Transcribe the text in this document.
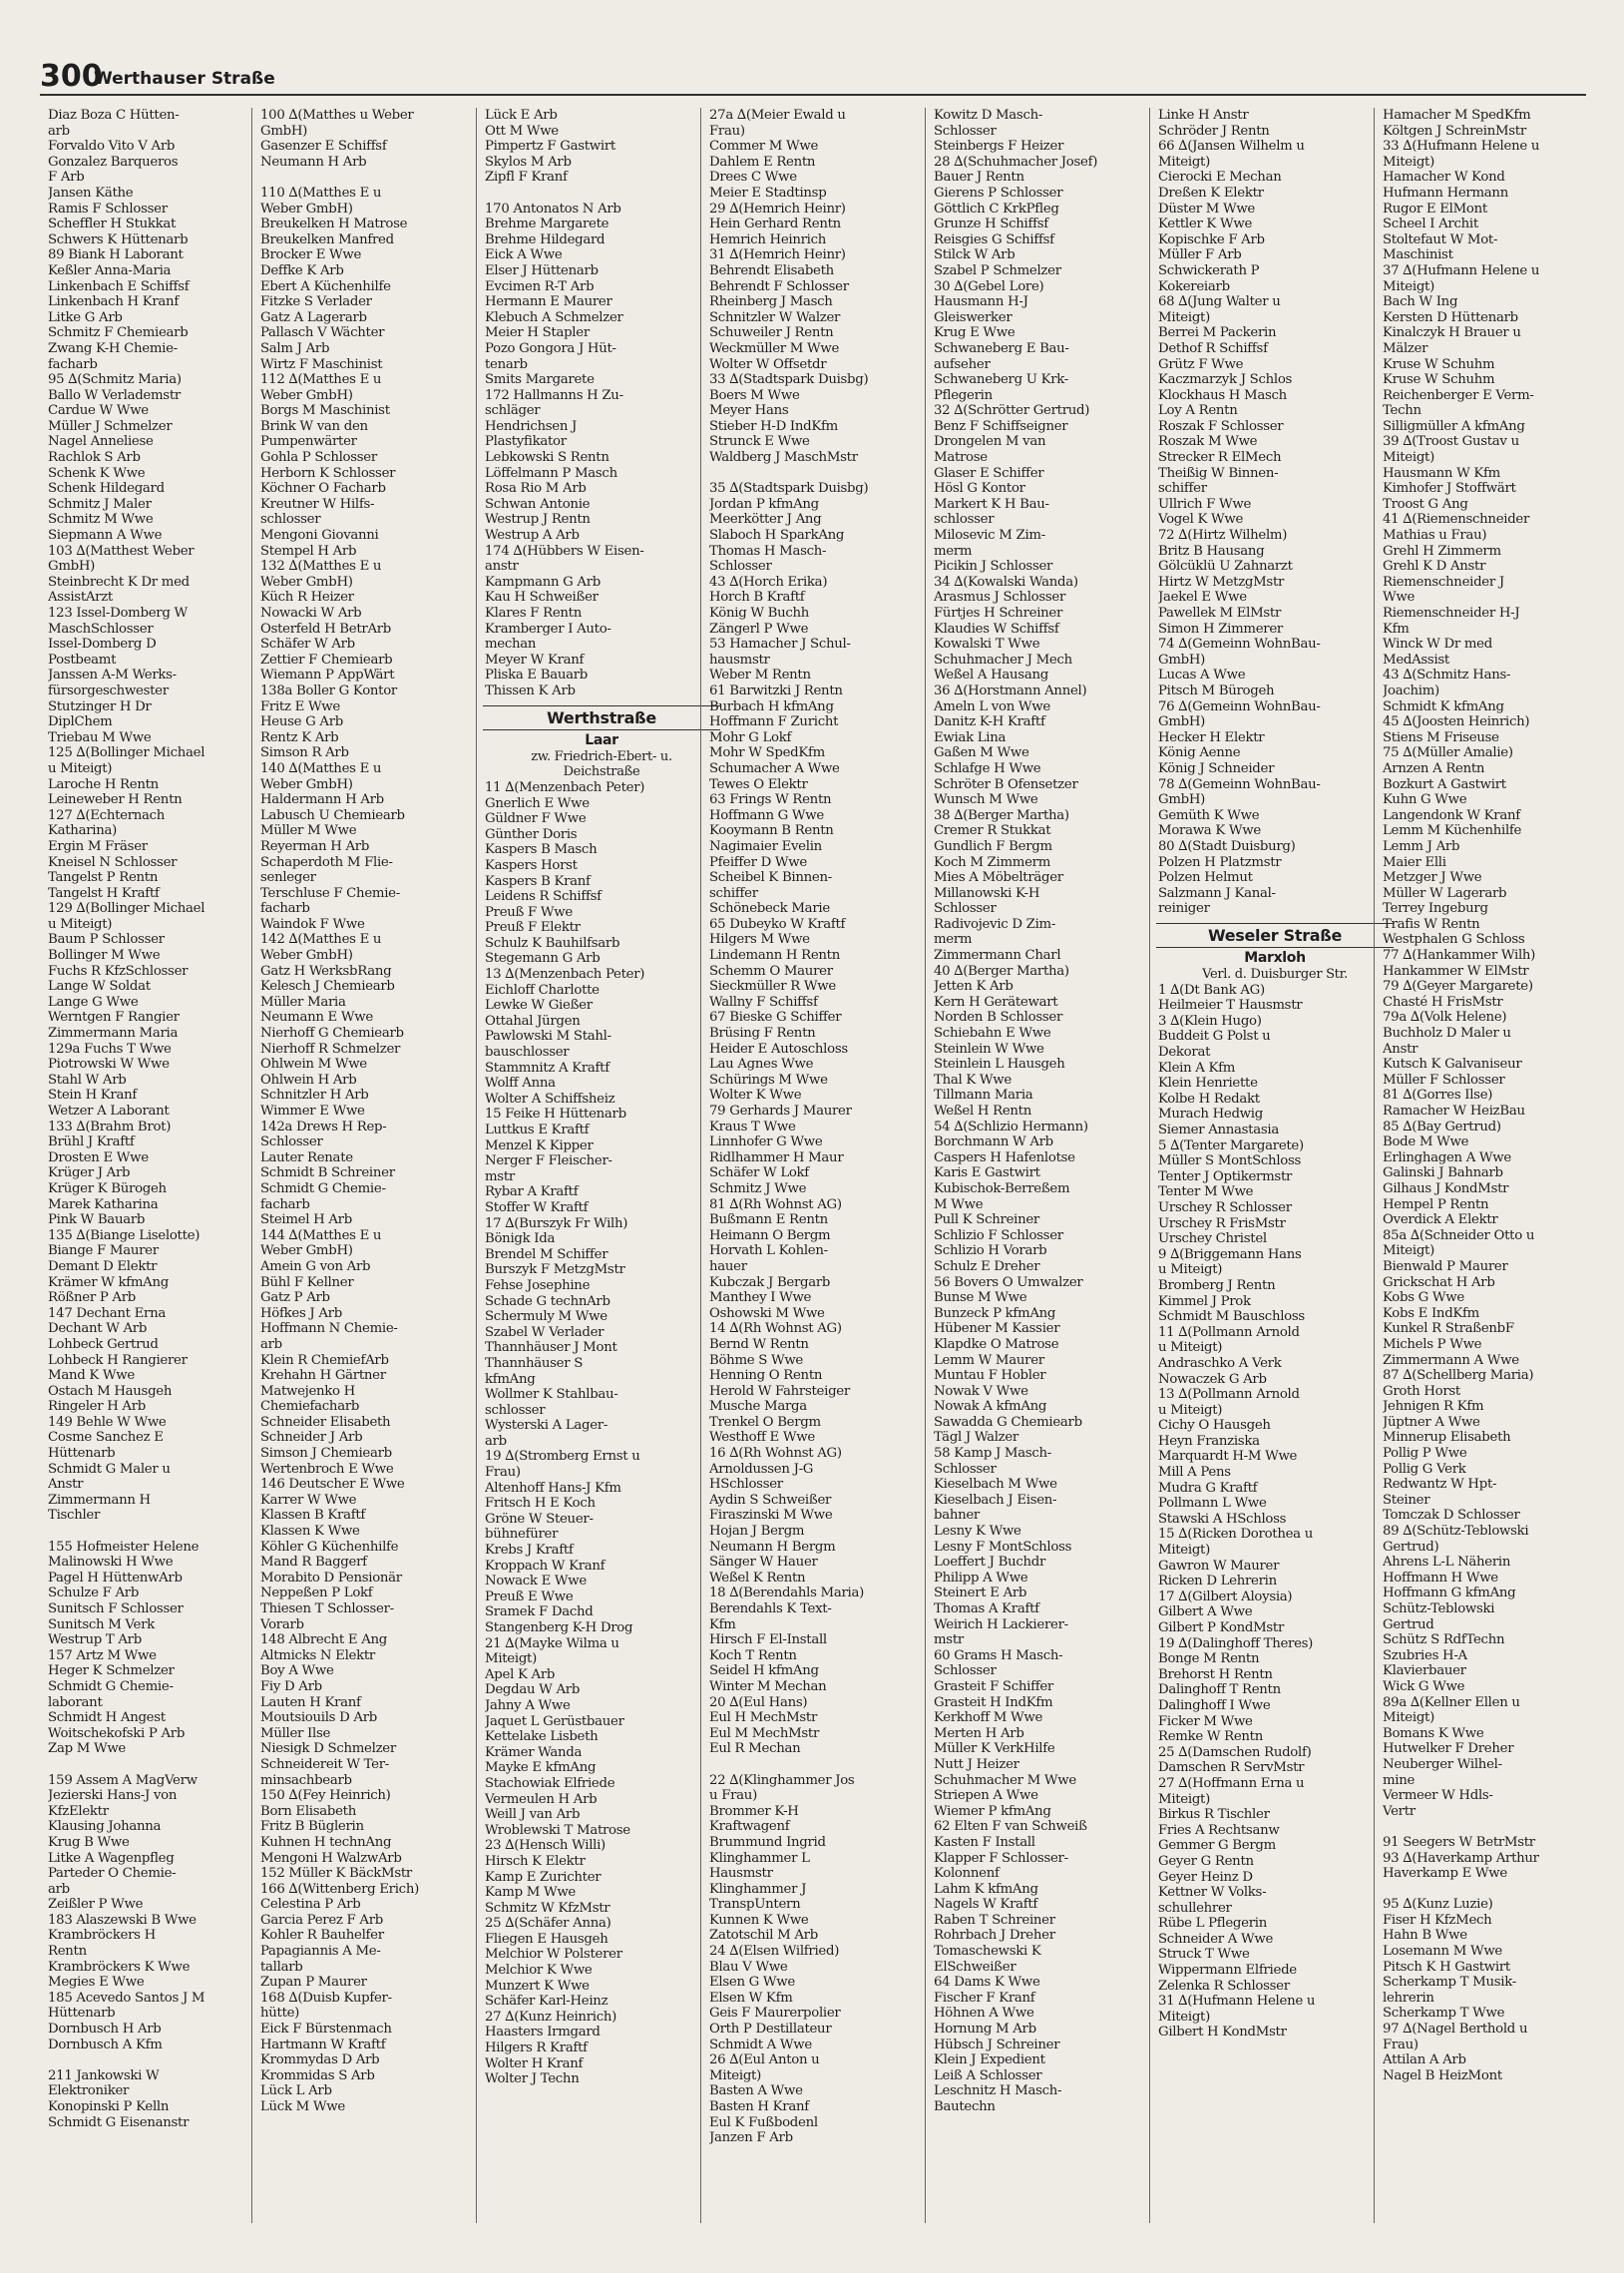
300
Werthauser Straße
Diaz Boza C Hütten-
arb
Forvaldo Vito V Arb
Gonzalez Barqueros
F Arb
Jansen Käthe
Ramis F Schlosser
Scheffler H Stukkat
Schwers K Hüttenarb
89 Biank H Laborant
Keßler Anna-Maria
Linkenbach E Schiffsf
Linkenbach H Kranf
Litke G Arb
Schmitz F Chemiearb
Zwang K-H Chemie-
facharb
95 ∆(Schmitz Maria)
Ballo W Verlademstr
Cardue W Wwe
Müller J Schmelzer
Nagel Anneliese
Rachlok S Arb
Schenk K Wwe
Schenk Hildegard
Schmitz J Maler
Schmitz M Wwe
Siepmann A Wwe
103 ∆(Matthest Weber
GmbH)
Steinbrecht K Dr med
AssistArzt
123 Issel-Domberg W
MaschSchlosser
Issel-Domberg D
Postbeamt
Janssen A-M Werks-
fürsorgeschwester
Stutzinger H Dr
DiplChem
Triebau M Wwe
125 ∆(Bollinger Michael
u Miteigt)
Laroche H Rentn
Leineweber H Rentn
127 ∆(Echternach
Katharina)
Ergin M Fräser
Kneisel N Schlosser
Tangelst P Rentn
Tangelst H Kraftf
129 ∆(Bollinger Michael
u Miteigt)
Baum P Schlosser
Bollinger M Wwe
Fuchs R KfzSchlosser
Lange W Soldat
Lange G Wwe
Werntgen F Rangier
Zimmermann Maria
129a Fuchs T Wwe
Piotrowski W Wwe
Stahl W Arb
Stein H Kranf
Wetzer A Laborant
133 ∆(Brahm Brot)
Brühl J Kraftf
Drosten E Wwe
Krüger J Arb
Krüger K Bürogeh
Marek Katharina
Pink W Bauarb
135 ∆(Biange Liselotte)
Biange F Maurer
Demant D Elektr
Krämer W kfmAng
Rößner P Arb
147 Dechant Erna
Dechant W Arb
Lohbeck Gertrud
Lohbeck H Rangierer
Mand K Wwe
Ostach M Hausgeh
Ringeler H Arb
149 Behle W Wwe
Cosme Sanchez E
Hüttenarb
Schmidt G Maler u
Anstr
Zimmermann H
Tischler

155 Hofmeister Helene
Malinowski H Wwe
Pagel H HüttenwArb
Schulze F Arb
Sunitsch F Schlosser
Sunitsch M Verk
Westrup T Arb
157 Artz M Wwe
Heger K Schmelzer
Schmidt G Chemie-
laborant
Schmidt H Angest
Woitschekofski P Arb
Zap M Wwe

159 Assem A MagVerw
Jezierski Hans-J von
KfzElektr
Klausing Johanna
Krug B Wwe
Litke A Wagenpfleg
Parteder O Chemie-
arb
Zeißler P Wwe
183 Alaszewski B Wwe
Krambröckers H
Rentn
Krambröckers K Wwe
Megies E Wwe
185 Acevedo Santos J M
Hüttenarb
Dornbusch H Arb
Dornbusch A Kfm

211 Jankowski W
Elektroniker
Konopinski P Kelln
Schmidt G Eisenanstr
100 ∆(Matthes u Weber
GmbH)
Gasenzer E Schiffsf
Neumann H Arb

110 ∆(Matthes E u
Weber GmbH)
Breukelken H Matrose
Breukelken Manfred
Brocker E Wwe
Deffke K Arb
Ebert A Küchenhilfe
Fitzke S Verlader
Gatz A Lagerarb
Pallasch V Wächter
Salm J Arb
Wirtz F Maschinist
112 ∆(Matthes E u
Weber GmbH)
Borgs M Maschinist
Brink W van den
Pumpenwärter
Gohla P Schlosser
Herborn K Schlosser
Köchner O Facharb
Kreutner W Hilfs-
schlosser
Mengoni Giovanni
Stempel H Arb
132 ∆(Matthes E u
Weber GmbH)
Küch R Heizer
Nowacki W Arb
Osterfeld H BetrArb
Schäfer W Arb
Zettier F Chemiearb
Wiemann P AppWärt
138a Boller G Kontor
Fritz E Wwe
Heuse G Arb
Rentz K Arb
Simson R Arb
140 ∆(Matthes E u
Weber GmbH)
Haldermann H Arb
Labusch U Chemiearb
Müller M Wwe
Reyerman H Arb
Schaperdoth M Flie-
senleger
Terschluse F Chemie-
facharb
Waindok F Wwe
142 ∆(Matthes E u
Weber GmbH)
Gatz H WerksbRang
Kelesch J Chemiearb
Müller Maria
Neumann E Wwe
Nierhoff G Chemiearb
Nierhoff R Schmelzer
Ohlwein M Wwe
Ohlwein H Arb
Schnitzler H Arb
Wimmer E Wwe
142a Drews H Rep-
Schlosser
Lauter Renate
Schmidt B Schreiner
Schmidt G Chemie-
facharb
Steimel H Arb
144 ∆(Matthes E u
Weber GmbH)
Amein G von Arb
Bühl F Kellner
Gatz P Arb
Höfkes J Arb
Hoffmann N Chemie-
arb
Klein R ChemiefArb
Krehahn H Gärtner
Matwejenko H
Chemiefacharb
Schneider Elisabeth
Schneider J Arb
Simson J Chemiearb
Wertenbroch E Wwe
146 Deutscher E Wwe
Karrer W Wwe
Klassen B Kraftf
Klassen K Wwe
Köhler G Küchenhilfe
Mand R Baggerf
Morabito D Pensionär
Neppeßen P Lokf
Thiesen T Schlosser-
Vorarb
148 Albrecht E Ang
Altmicks N Elektr
Boy A Wwe
Fiy D Arb
Lauten H Kranf
Moutsiouils D Arb
Müller Ilse
Niesigk D Schmelzer
Schneidereit W Ter-
minsachbearb
150 ∆(Fey Heinrich)
Born Elisabeth
Fritz B Büglerin
Kuhnen H technAng
Mengoni H WalzwArb
152 Müller K BäckMstr
166 ∆(Wittenberg Erich)
Celestina P Arb
Garcia Perez F Arb
Kohler R Bauhelfer
Papagiannis A Me-
tallarb
Zupan P Maurer
168 ∆(Duisb Kupfer-
hütte)
Eick F Bürstenmach
Hartmann W Kraftf
Krommydas D Arb
Krommidas S Arb
Lück L Arb
Lück M Wwe
Lück E Arb
Ott M Wwe
Pimpertz F Gastwirt
Skylos M Arb
Zipfl F Kranf

170 Antonatos N Arb
Brehme Margarete
Brehme Hildegard
Eick A Wwe
Elser J Hüttenarb
Evcimen R-T Arb
Hermann E Maurer
Klebuch A Schmelzer
Meier H Stapler
Pozo Gongora J Hüt-
tenarb
Smits Margarete
172 Hallmanns H Zu-
schläger
Hendrichsen J
Plastyfikator
Lebkowski S Rentn
Löffelmann P Masch
Rosa Rio M Arb
Schwan Antonie
Westrup J Rentn
Westrup A Arb
174 ∆(Hübbers W Eisen-
anstr
Kampmann G Arb
Kau H Schweißer
Klares F Rentn
Kramberger I Auto-
mechan
Meyer W Kranf
Pliska E Bauarb
Thissen K Arb
Werthstraße
Laar
zw. Friedrich-Ebert- u.
Deichstraße
11 ∆(Menzenbach Peter)
Gnerlich E Wwe
Güldner F Wwe
Günther Doris
Kaspers B Masch
Kaspers Horst
Kaspers B Kranf
Leidens R Schiffsf
Preuß F Wwe
Preuß F Elektr
Schulz K Bauhilfsarb
Stegemann G Arb
13 ∆(Menzenbach Peter)
Eichloff Charlotte
Lewke W Gießer
Ottahal Jürgen
Pawlowski M Stahl-
bauschlosser
Stammnitz A Kraftf
Wolff Anna
Wolter A Schiffsheiz
15 Feike H Hüttenarb
Luttkus E Kraftf
Menzel K Kipper
Nerger F Fleischer-
mstr
Rybar A Kraftf
Stoffer W Kraftf
17 ∆(Burszyk Fr Wilh)
Bönigk Ida
Brendel M Schiffer
Burszyk F MetzgMstr
Fehse Josephine
Schade G technArb
Schermuly M Wwe
Szabel W Verlader
Thannhäuser J Mont
Thannhäuser S
kfmAng
Wollmer K Stahlbau-
schlosser
Wysterski A Lager-
arb
19 ∆(Stromberg Ernst u
Frau)
Altenhoff Hans-J Kfm
Fritsch H E Koch
Gröne W Steuer-
bühnefürer
Krebs J Kraftf
Kroppach W Kranf
Nowack E Wwe
Preuß E Wwe
Sramek F Dachd
Stangenberg K-H Drog
21 ∆(Mayke Wilma u
Miteigt)
Apel K Arb
Degdau W Arb
Jahny A Wwe
Jaquet L Gerüstbauer
Kettelake Lisbeth
Krämer Wanda
Mayke E kfmAng
Stachowiak Elfriede
Vermeulen H Arb
Weill J van Arb
Wroblewski T Matrose
23 ∆(Hensch Willi)
Hirsch K Elektr
Kamp E Zurichter
Kamp M Wwe
Schmitz W KfzMstr
25 ∆(Schäfer Anna)
Fliegen E Hausgeh
Melchior W Polsterer
Melchior K Wwe
Munzert K Wwe
Schäfer Karl-Heinz
27 ∆(Kunz Heinrich)
Haasters Irmgard
Hilgers R Kraftf
Wolter H Kranf
Wolter J Techn
27a ∆(Meier Ewald u
Frau)
Commer M Wwe
Dahlem E Rentn
Drees C Wwe
Meier E Stadtinsp
29 ∆(Hemrich Heinr)
Hein Gerhard Rentn
Hemrich Heinrich
31 ∆(Hemrich Heinr)
Behrendt Elisabeth
Behrendt F Schlosser
Rheinberg J Masch
Schnitzler W Walzer
Schuweiler J Rentn
Weckmüller M Wwe
Wolter W Offsetdr
33 ∆(Stadtspark Duisbg)
Boers M Wwe
Meyer Hans
Stieber H-D IndKfm
Strunck E Wwe
Waldberg J MaschMstr

35 ∆(Stadtspark Duisbg)
Jordan P kfmAng
Meerkötter J Ang
Slaboch H SparkAng
Thomas H Masch-
Schlosser
43 ∆(Horch Erika)
Horch B Kraftf
König W Buchh
Zängerl P Wwe
53 Hamacher J Schul-
hausmstr
Weber M Rentn
61 Barwitzki J Rentn
Burbach H kfmAng
Hoffmann F Zuricht
Mohr G Lokf
Mohr W SpedKfm
Schumacher A Wwe
Tewes O Elektr
63 Frings W Rentn
Hoffmann G Wwe
Kooymann B Rentn
Nagimaier Evelin
Pfeiffer D Wwe
Scheibel K Binnen-
schiffer
Schönebeck Marie
65 Dubeyko W Kraftf
Hilgers M Wwe
Lindemann H Rentn
Schemm O Maurer
Sieckmüller R Wwe
Wallny F Schiffsf
67 Bieske G Schiffer
Brüsing F Rentn
Heider E Autoschloss
Lau Agnes Wwe
Schürings M Wwe
Wolter K Wwe
79 Gerhards J Maurer
Kraus T Wwe
Linnhofer G Wwe
Ridlhammer H Maur
Schäfer W Lokf
Schmitz J Wwe
81 ∆(Rh Wohnst AG)
Bußmann E Rentn
Heimann O Bergm
Horvath L Kohlen-
hauer
Kubczak J Bergarb
Manthey I Wwe
Oshowski M Wwe
14 ∆(Rh Wohnst AG)
Bernd W Rentn
Böhme S Wwe
Henning O Rentn
Herold W Fahrsteiger
Musche Marga
Trenkel O Bergm
Westhoff E Wwe
16 ∆(Rh Wohnst AG)
Arnoldussen J-G
HSchlosser
Aydin S Schweißer
Firaszinski M Wwe
Hojan J Bergm
Neumann H Bergm
Sänger W Hauer
Weßel K Rentn
18 ∆(Berendahls Maria)
Berendahls K Text-
Kfm
Hirsch F El-Install
Koch T Rentn
Seidel H kfmAng
Winter M Mechan
20 ∆(Eul Hans)
Eul H MechMstr
Eul M MechMstr
Eul R Mechan

22 ∆(Klinghammer Jos
u Frau)
Brommer K-H
Kraftwagenf
Brummund Ingrid
Klinghammer L
Hausmstr
Klinghammer J
TranspUntern
Kunnen K Wwe
Zatotschil M Arb
24 ∆(Elsen Wilfried)
Blau V Wwe
Elsen G Wwe
Elsen W Kfm
Geis F Maurerpolier
Orth P Destillateur
Schmidt A Wwe
26 ∆(Eul Anton u
Miteigt)
Basten A Wwe
Basten H Kranf
Eul K Fußbodenl
Janzen F Arb
Kowitz D Masch-
Schlosser
Steinbergs F Heizer
28 ∆(Schuhmacher Josef)
Bauer J Rentn
Gierens P Schlosser
Göttlich C KrkPfleg
Grunze H Schiffsf
Reisgies G Schiffsf
Stilck W Arb
Szabel P Schmelzer
30 ∆(Gebel Lore)
Hausmann H-J
Gleiswerker
Krug E Wwe
Schwaneberg E Bau-
aufseher
Schwaneberg U Krk-
Pflegerin
32 ∆(Schrötter Gertrud)
Benz F Schiffseigner
Drongelen M van
Matrose
Glaser E Schiffer
Hösl G Kontor
Markert K H Bau-
schlosser
Milosevic M Zim-
merm
Picikin J Schlosser
34 ∆(Kowalski Wanda)
Arasmus J Schlosser
Fürtjes H Schreiner
Klaudies W Schiffsf
Kowalski T Wwe
Schuhmacher J Mech
Weßel A Hausang
36 ∆(Horstmann Annel)
Ameln L von Wwe
Danitz K-H Kraftf
Ewiak Lina
Gaßen M Wwe
Schlafge H Wwe
Schröter B Ofensetzer
Wunsch M Wwe
38 ∆(Berger Martha)
Cremer R Stukkat
Gundlich F Bergm
Koch M Zimmerm
Mies A Möbelträger
Millanowski K-H
Schlosser
Radivojevic D Zim-
merm
Zimmermann Charl
40 ∆(Berger Martha)
Jetten K Arb
Kern H Gerätewart
Norden B Schlosser
Schiebahn E Wwe
Steinlein W Wwe
Steinlein L Hausgeh
Thal K Wwe
Tillmann Maria
Weßel H Rentn
54 ∆(Schlizio Hermann)
Borchmann W Arb
Caspers H Hafenlotse
Karis E Gastwirt
Kubischok-Berreßem
M Wwe
Pull K Schreiner
Schlizio F Schlosser
Schlizio H Vorarb
Schulz E Dreher
56 Bovers O Umwalzer
Bunse M Wwe
Bunzeck P kfmAng
Hübener M Kassier
Klapdke O Matrose
Lemm W Maurer
Muntau F Hobler
Nowak V Wwe
Nowak A kfmAng
Sawadda G Chemiearb
Tägl J Walzer
58 Kamp J Masch-
Schlosser
Kieselbach M Wwe
Kieselbach J Eisen-
bahner
Lesny K Wwe
Lesny F MontSchloss
Loeffert J Buchdr
Philipp A Wwe
Steinert E Arb
Thomas A Kraftf
Weirich H Lackierer-
mstr
60 Grams H Masch-
Schlosser
Grasteit F Schiffer
Grasteit H IndKfm
Kerkhoff M Wwe
Merten H Arb
Müller K VerkHilfe
Nutt J Heizer
Schuhmacher M Wwe
Striepen A Wwe
Wiemer P kfmAng
62 Elten F van Schweiß
Kasten F Install
Klapper F Schlosser-
Kolonnenf
Lahm K kfmAng
Nagels W Kraftf
Raben T Schreiner
Rohrbach J Dreher
Tomaschewski K
ElSchweißer
64 Dams K Wwe
Fischer F Kranf
Höhnen A Wwe
Hornung M Arb
Hübsch J Schreiner
Klein J Expedient
Leiß A Schlosser
Leschnitz H Masch-
Bautechn
Linke H Anstr
Schröder J Rentn
66 ∆(Jansen Wilhelm u
Miteigt)
Cierocki E Mechan
Dreßen K Elektr
Düster M Wwe
Kettler K Wwe
Kopischke F Arb
Müller F Arb
Schwickerath P
Kokereiarb
68 ∆(Jung Walter u
Miteigt)
Berrei M Packerin
Dethof R Schiffsf
Grütz F Wwe
Kaczmarzyk J Schlos
Klockhaus H Masch
Loy A Rentn
Roszak F Schlosser
Roszak M Wwe
Strecker R ElMech
Theißig W Binnen-
schiffer
Ullrich F Wwe
Vogel K Wwe
72 ∆(Hirtz Wilhelm)
Britz B Hausang
Gölcüklü U Zahnarzt
Hirtz W MetzgMstr
Jaekel E Wwe
Pawellek M ElMstr
Simon H Zimmerer
74 ∆(Gemeinn WohnBau-
GmbH)
Lucas A Wwe
Pitsch M Bürogeh
76 ∆(Gemeinn WohnBau-
GmbH)
Hecker H Elektr
König Aenne
König J Schneider
78 ∆(Gemeinn WohnBau-
GmbH)
Gemüth K Wwe
Morawa K Wwe
80 ∆(Stadt Duisburg)
Polzen H Platzmstr
Polzen Helmut
Salzmann J Kanal-
reiniger
Weseler Straße
Marxloh
Verl. d. Duisburger Str.
1 ∆(Dt Bank AG)
Heilmeier T Hausmstr
3 ∆(Klein Hugo)
Buddeit G Polst u
Dekorat
Klein A Kfm
Klein Henriette
Kolbe H Redakt
Murach Hedwig
Siemer Annastasia
5 ∆(Tenter Margarete)
Müller S MontSchloss
Tenter J Optikermstr
Tenter M Wwe
Urschey R Schlosser
Urschey R FrisMstr
Urschey Christel
9 ∆(Briggemann Hans
u Miteigt)
Bromberg J Rentn
Kimmel J Prok
Schmidt M Bauschloss
11 ∆(Pollmann Arnold
u Miteigt)
Andraschko A Verk
Nowaczek G Arb
13 ∆(Pollmann Arnold
u Miteigt)
Cichy O Hausgeh
Heyn Franziska
Marquardt H-M Wwe
Mill A Pens
Mudra G Kraftf
Pollmann L Wwe
Stawski A HSchloss
15 ∆(Ricken Dorothea u
Miteigt)
Gawron W Maurer
Ricken D Lehrerin
17 ∆(Gilbert Aloysia)
Gilbert A Wwe
Gilbert P KondMstr
19 ∆(Dalinghoff Theres)
Bonge M Rentn
Brehorst H Rentn
Dalinghoff T Rentn
Dalinghoff I Wwe
Ficker M Wwe
Remke W Rentn
25 ∆(Damschen Rudolf)
Damschen R ServMstr
27 ∆(Hoffmann Erna u
Miteigt)
Birkus R Tischler
Fries A Rechtsanw
Gemmer G Bergm
Geyer G Rentn
Geyer Heinz D
Kettner W Volks-
schullehrer
Rübe L Pflegerin
Schneider A Wwe
Struck T Wwe
Wippermann Elfriede
Zelenka R Schlosser
31 ∆(Hufmann Helene u
Miteigt)
Gilbert H KondMstr
Hamacher M SpedKfm
Költgen J SchreinMstr
33 ∆(Hufmann Helene u
Miteigt)
Hamacher W Kond
Hufmann Hermann
Rugor E ElMont
Scheel I Archit
Stoltefaut W Mot-
Maschinist
37 ∆(Hufmann Helene u
Miteigt)
Bach W Ing
Kersten D Hüttenarb
Kinalczyk H Brauer u
Mälzer
Kruse W Schuhm
Kruse W Schuhm
Reichenberger E Verm-
Techn
Silligmüller A kfmAng
39 ∆(Troost Gustav u
Miteigt)
Hausmann W Kfm
Kimhofer J Stoffwärt
Troost G Ang
41 ∆(Riemenschneider
Mathias u Frau)
Grehl H Zimmerm
Grehl K D Anstr
Riemenschneider J
Wwe
Riemenschneider H-J
Kfm
Winck W Dr med
MedAssist
43 ∆(Schmitz Hans-
Joachim)
Schmidt K kfmAng
45 ∆(Joosten Heinrich)
Stiens M Friseuse
75 ∆(Müller Amalie)
Arnzen A Rentn
Bozkurt A Gastwirt
Kuhn G Wwe
Langendonk W Kranf
Lemm M Küchenhilfe
Lemm J Arb
Maier Elli
Metzger J Wwe
Müller W Lagerarb
Terrey Ingeburg
Trafis W Rentn
Westphalen G Schloss
77 ∆(Hankammer Wilh)
Hankammer W ElMstr
79 ∆(Geyer Margarete)
Chasté H FrisMstr
79a ∆(Volk Helene)
Buchholz D Maler u
Anstr
Kutsch K Galvaniseur
Müller F Schlosser
81 ∆(Gorres Ilse)
Ramacher W HeizBau
85 ∆(Bay Gertrud)
Bode M Wwe
Erlinghagen A Wwe
Galinski J Bahnarb
Gilhaus J KondMstr
Hempel P Rentn
Overdick A Elektr
85a ∆(Schneider Otto u
Miteigt)
Bienwald P Maurer
Grickschat H Arb
Kobs G Wwe
Kobs E IndKfm
Kunkel R StraßenbF
Michels P Wwe
Zimmermann A Wwe
87 ∆(Schellberg Maria)
Groth Horst
Jehnigen R Kfm
Jüptner A Wwe
Minnerup Elisabeth
Pollig P Wwe
Pollig G Verk
Redwantz W Hpt-
Steiner
Tomczak D Schlosser
89 ∆(Schütz-Teblowski
Gertrud)
Ahrens L-L Näherin
Hoffmann H Wwe
Hoffmann G kfmAng
Schütz-Teblowski
Gertrud
Schütz S RdfTechn
Szubries H-A
Klavierbauer
Wick G Wwe
89a ∆(Kellner Ellen u
Miteigt)
Bomans K Wwe
Hutwelker F Dreher
Neuberger Wilhel-
mine
Vermeer W Hdls-
Vertr

91 Seegers W BetrMstr
93 ∆(Haverkamp Arthur
Haverkamp E Wwe

95 ∆(Kunz Luzie)
Fiser H KfzMech
Hahn B Wwe
Losemann M Wwe
Pitsch K H Gastwirt
Scherkamp T Musik-
lehrerin
Scherkamp T Wwe
97 ∆(Nagel Berthold u
Frau)
Attilan A Arb
Nagel B HeizMont
